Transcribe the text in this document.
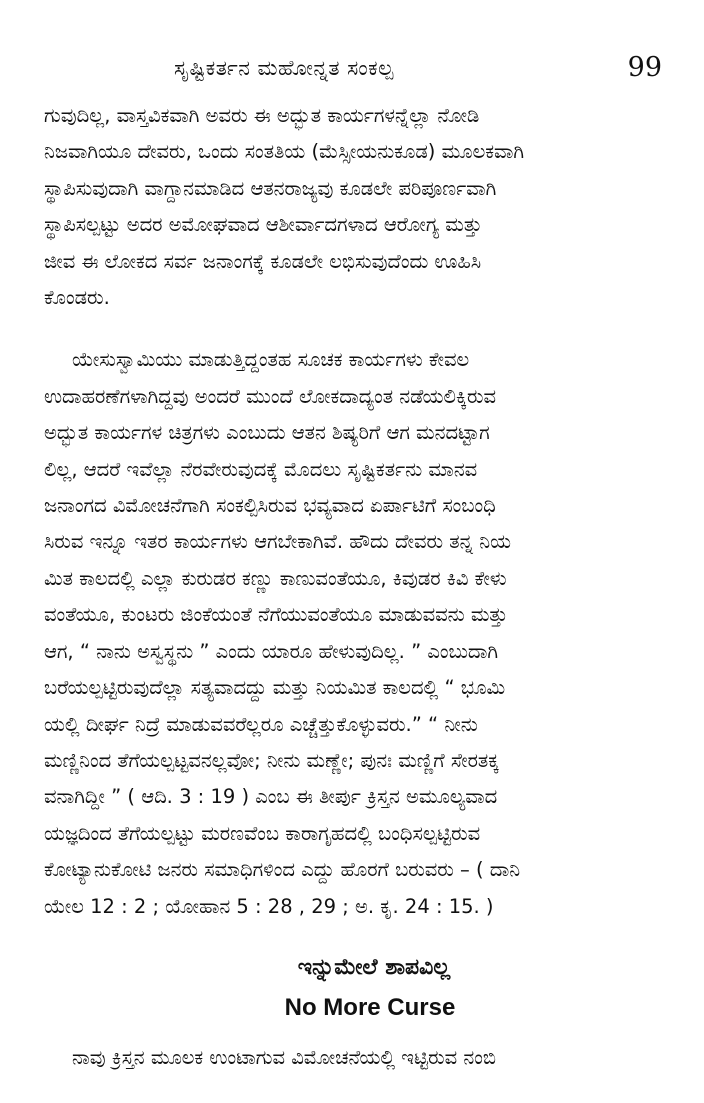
ಸೃಷ್ಟಿಕರ್ತನ ಮಹೋನ್ನತ ಸಂಕಲ್ಪ	99
ಗುವುದಿಲ್ಲ, ವಾಸ್ತವಿಕವಾಗಿ ಅವರು ಈ ಅದ್ಭುತ ಕಾರ್ಯಗಳನ್ನೆಲ್ಲಾ ನೋಡಿ
ನಿಜವಾಗಿಯೂ ದೇವರು, ಒಂದು ಸಂತತಿಯ (ಮೆಸ್ಸೀಯನುಕೂಡ) ಮೂಲಕವಾಗಿ
ಸ್ಥಾಪಿಸುವುದಾಗಿ ವಾಗ್ದಾನಮಾಡಿದ ಆತನರಾಜ್ಯವು ಕೂಡಲೇ ಪರಿಪೂರ್ಣವಾಗಿ
ಸ್ಥಾಪಿಸಲ್ಪಟ್ಟು ಅದರ ಅಮೋಘವಾದ ಆಶೀರ್ವಾದಗಳಾದ ಆರೋಗ್ಯ ಮತ್ತು
ಜೀವ ಈ ಲೋಕದ ಸರ್ವ ಜನಾಂಗಕ್ಕೆ ಕೂಡಲೇ ಲಭಿಸುವುದೆಂದು ಊಹಿಸಿ
ಕೊಂಡರು.
ಯೇಸುಸ್ವಾಮಿಯು ಮಾಡುತ್ತಿದ್ದಂತಹ ಸೂಚಕ ಕಾರ್ಯಗಳು ಕೇವಲ
ಉದಾಹರಣೆಗಳಾಗಿದ್ದವು ಅಂದರೆ ಮುಂದೆ ಲೋಕದಾದ್ಯಂತ ನಡೆಯಲಿಕ್ಕಿರುವ
ಅದ್ಭುತ ಕಾರ್ಯಗಳ ಚಿತ್ರಗಳು ಎಂಬುದು ಆತನ ಶಿಷ್ಯರಿಗೆ ಆಗ ಮನದಟ್ಟಾಗ
ಲಿಲ್ಲ, ಆದರೆ ಇವೆಲ್ಲಾ ನೆರವೇರುವುದಕ್ಕೆ ಮೊದಲು ಸೃಷ್ಟಿಕರ್ತನು ಮಾನವ
ಜನಾಂಗದ ವಿಮೋಚನೆಗಾಗಿ ಸಂಕಲ್ಪಿಸಿರುವ ಭವ್ಯವಾದ ಏರ್ಪಾಟಿಗೆ ಸಂಬಂಧಿ
ಸಿರುವ ಇನ್ನೂ ಇತರ ಕಾರ್ಯಗಳು ಆಗಬೇಕಾಗಿವೆ. ಹೌದು ದೇವರು ತನ್ನ ನಿಯ
ಮಿತ ಕಾಲದಲ್ಲಿ ಎಲ್ಲಾ ಕುರುಡರ ಕಣ್ಣು ಕಾಣುವಂತೆಯೂ, ಕಿವುಡರ ಕಿವಿ ಕೇಳು
ವಂತೆಯೂ, ಕುಂಟರು ಜಿಂಕೆಯಂತೆ ನೆಗೆಯುವಂತೆಯೂ ಮಾಡುವವನು ಮತ್ತು
ಆಗ, “ ನಾನು ಅಸ್ವಸ್ಥನು ” ಎಂದು ಯಾರೂ ಹೇಳುವುದಿಲ್ಲ. ” ಎಂಬುದಾಗಿ
ಬರೆಯಲ್ಪಟ್ಟಿರುವುದೆಲ್ಲಾ ಸತ್ಯವಾದದ್ದು ಮತ್ತು ನಿಯಮಿತ ಕಾಲದಲ್ಲಿ “ ಭೂಮಿ
ಯಲ್ಲಿ ದೀರ್ಘ ನಿದ್ರೆ ಮಾಡುವವರೆಲ್ಲರೂ ಎಚ್ಚೆತ್ತುಕೊಳ್ಳುವರು.” “ ನೀನು
ಮಣ್ಣಿನಿಂದ ತೆಗೆಯಲ್ಪಟ್ಟವನಲ್ಲವೋ; ನೀನು ಮಣ್ಣೇ; ಪುನಃ ಮಣ್ಣಿಗೆ ಸೇರತಕ್ಕ
ವನಾಗಿದ್ದೀ ” ( ಆದಿ. 3 : 19 ) ಎಂಬ ಈ ತೀರ್ಪು ಕ್ರಿಸ್ತನ ಅಮೂಲ್ಯವಾದ
ಯಜ್ಞದಿಂದ ತೆಗೆಯಲ್ಪಟ್ಟು ಮರಣವೆಂಬ ಕಾರಾಗೃಹದಲ್ಲಿ ಬಂಧಿಸಲ್ಪಟ್ಟಿರುವ
ಕೋಟ್ಯಾನುಕೋಟಿ ಜನರು ಸಮಾಧಿಗಳಿಂದ ಎದ್ದು ಹೊರಗೆ ಬರುವರು – ( ದಾನಿ
ಯೇಲ 12 : 2 ; ಯೋಹಾನ 5 : 28 , 29 ; ಅ. ಕೃ. 24 : 15. )
ಇನ್ನುಮೇಲೆ ಶಾಪವಿಲ್ಲ
No More Curse
ನಾವು ಕ್ರಿಸ್ತನ ಮೂಲಕ ಉಂಟಾಗುವ ವಿಮೋಚನೆಯಲ್ಲಿ ಇಟ್ಟಿರುವ ನಂಬಿ
